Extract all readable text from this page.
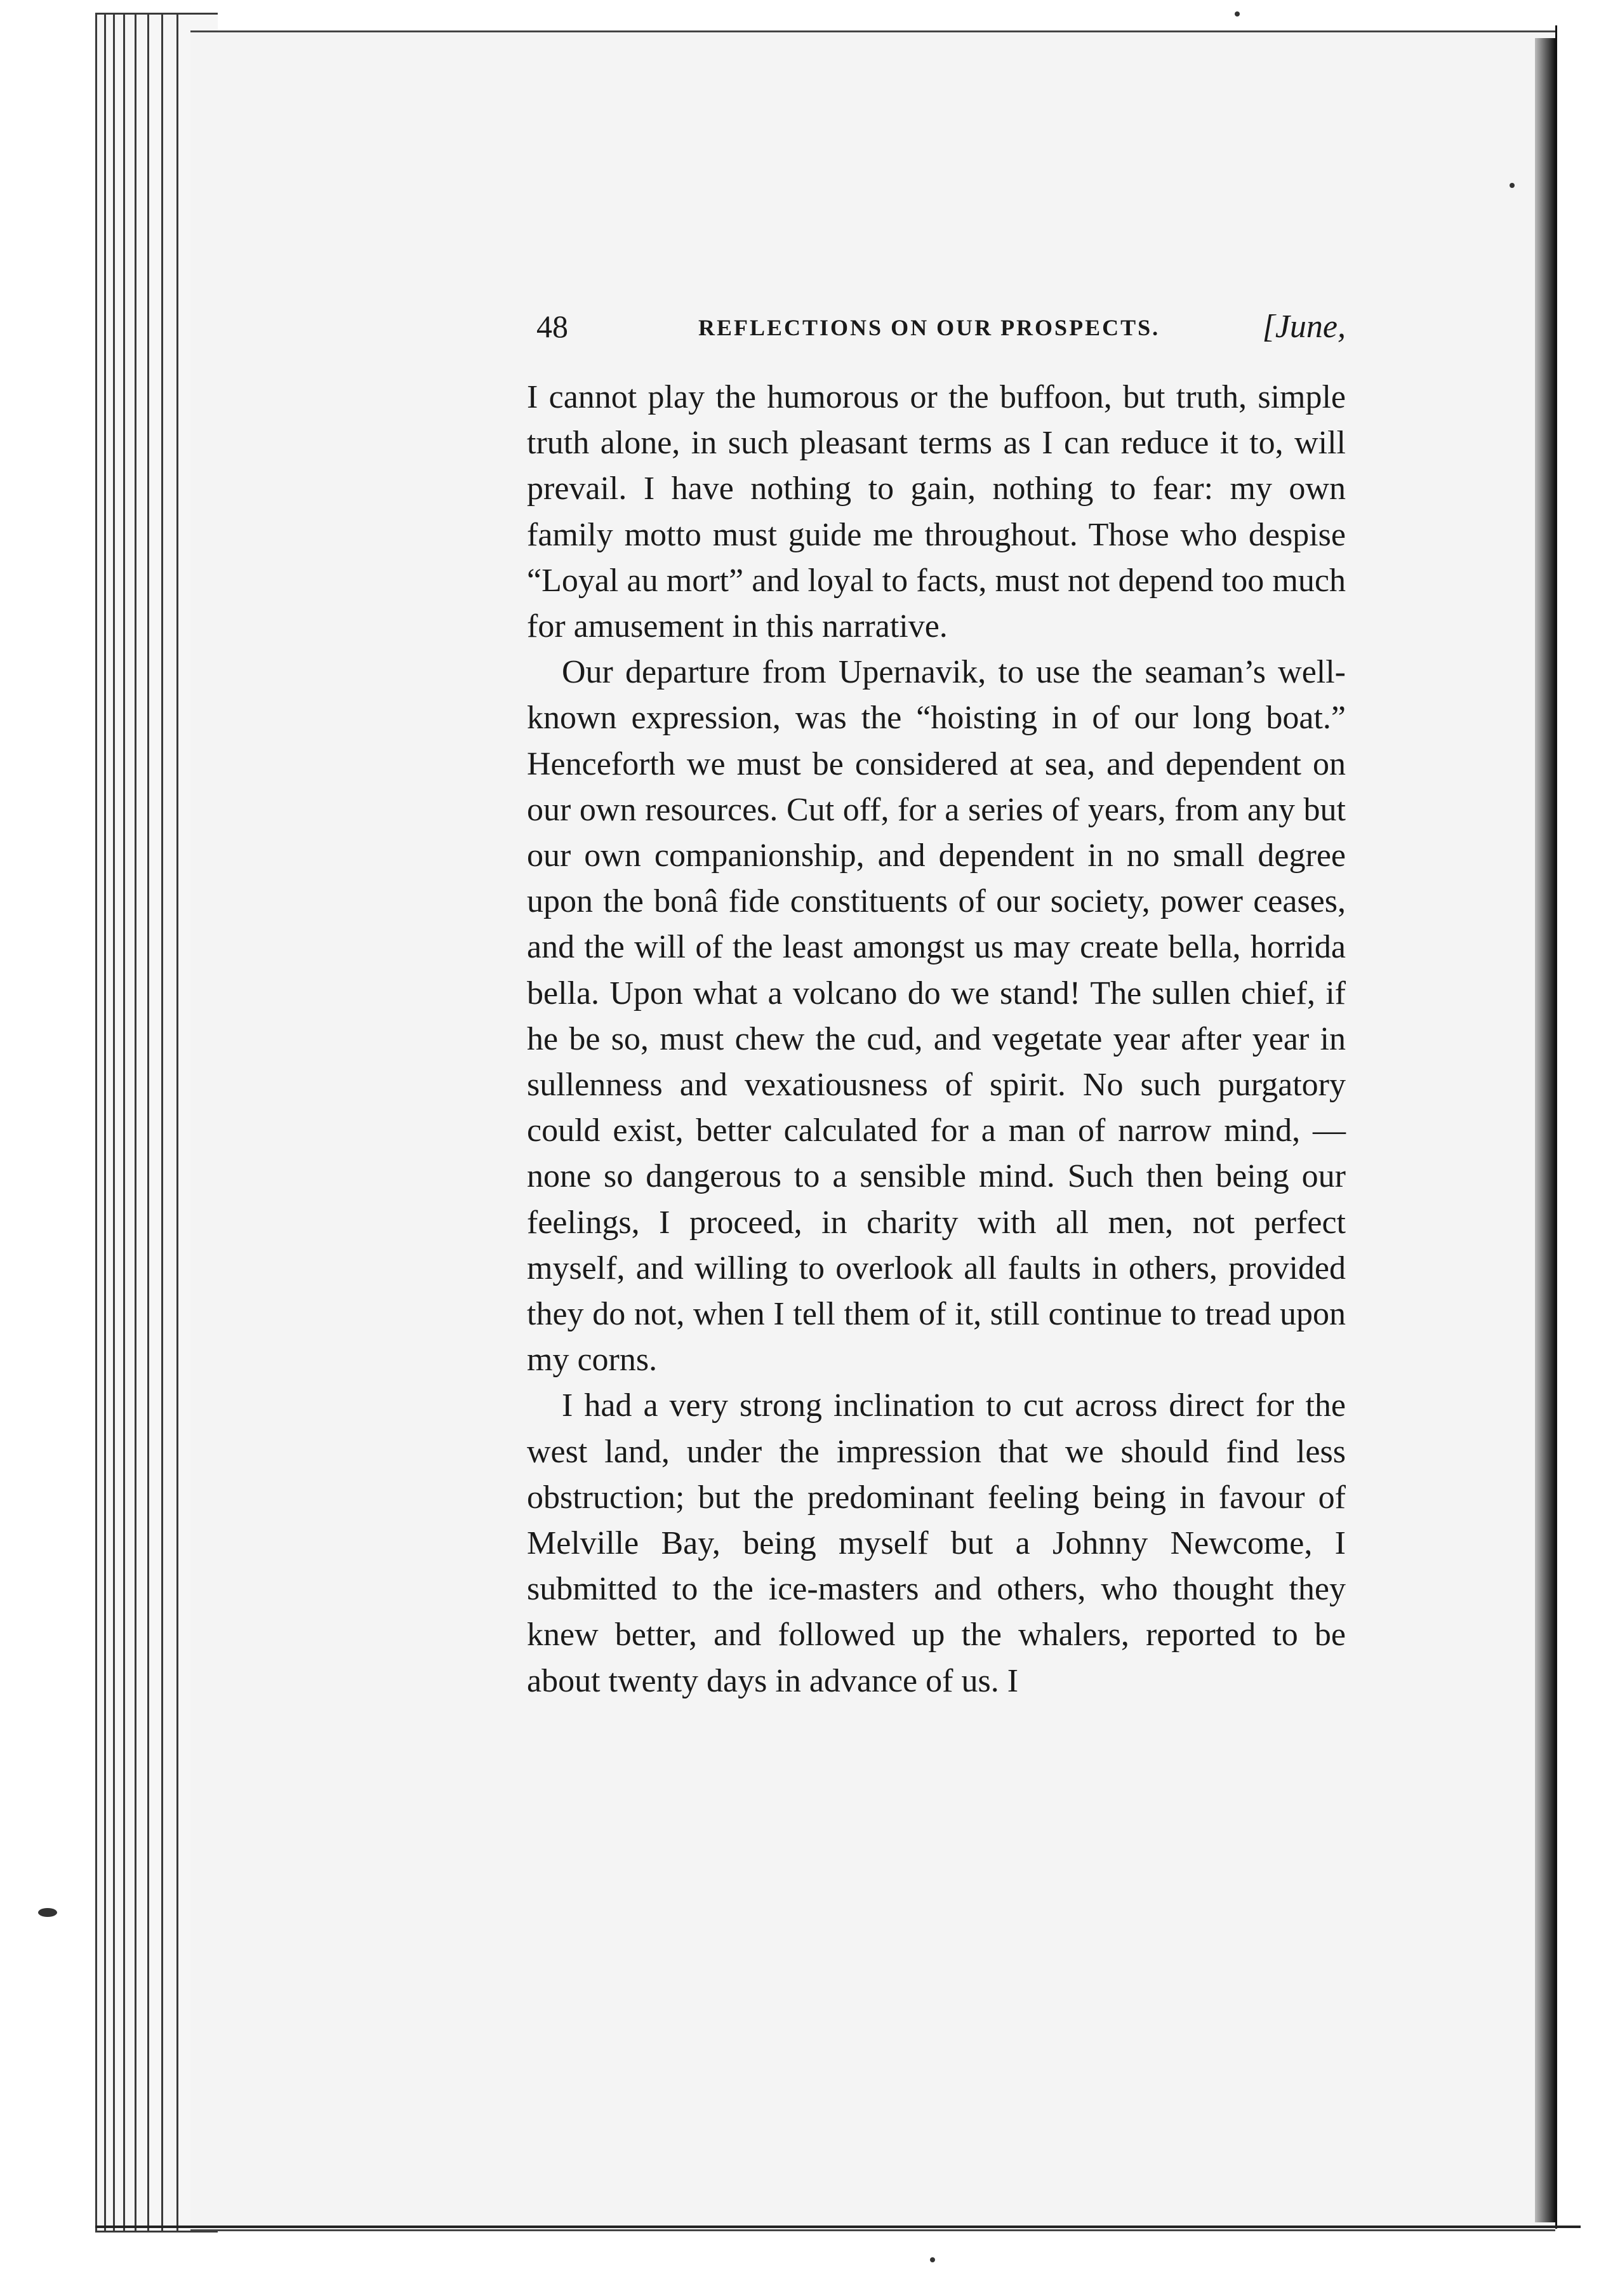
48	REFLECTIONS ON OUR PROSPECTS.	[June,

I cannot play the humorous or the buffoon, but truth, simple truth alone, in such pleasant terms as I can reduce it to, will prevail. I have nothing to gain, nothing to fear: my own family motto must guide me throughout. Those who despise “Loyal au mort” and loyal to facts, must not depend too much for amusement in this narrative.

Our departure from Upernavik, to use the seaman’s well-known expression, was the “hoisting in of our long boat.” Henceforth we must be considered at sea, and dependent on our own resources. Cut off, for a series of years, from any but our own companionship, and dependent in no small degree upon the bonâ fide constituents of our society, power ceases, and the will of the least amongst us may create bella, horrida bella. Upon what a volcano do we stand! The sullen chief, if he be so, must chew the cud, and vegetate year after year in sullenness and vexatiousness of spirit. No such purgatory could exist, better calculated for a man of narrow mind, —none so dangerous to a sensible mind. Such then being our feelings, I proceed, in charity with all men, not perfect myself, and willing to overlook all faults in others, provided they do not, when I tell them of it, still continue to tread upon my corns.

I had a very strong inclination to cut across direct for the west land, under the impression that we should find less obstruction; but the predominant feeling being in favour of Melville Bay, being myself but a Johnny Newcome, I submitted to the ice-masters and others, who thought they knew better, and followed up the whalers, reported to be about twenty days in advance of us. I
